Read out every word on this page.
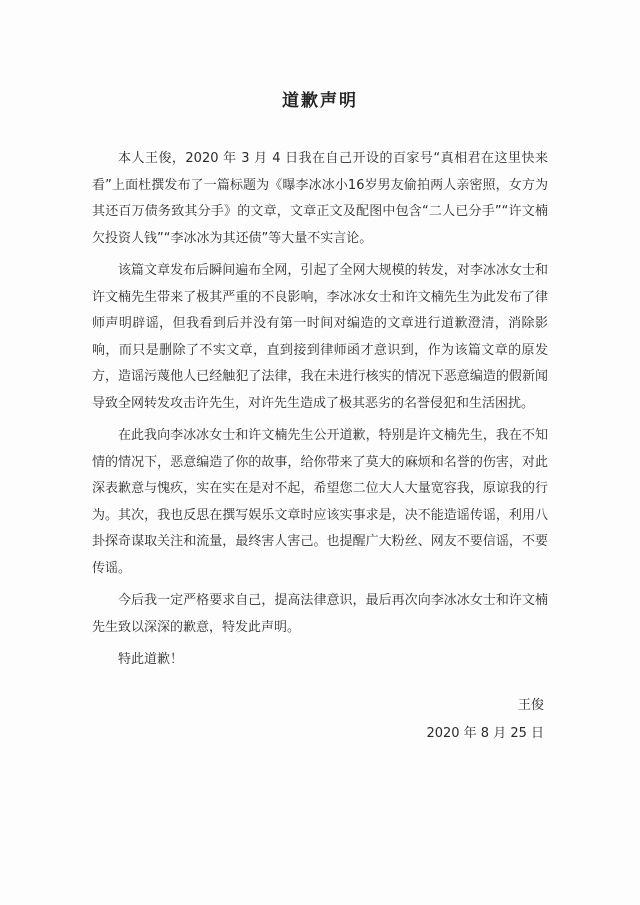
道歉声明

本人王俊，2020 年 3 月 4 日我在自己开设的百家号“真相君在这里快来看”上面杜撰发布了一篇标题为《曝李冰冰小16岁男友偷拍两人亲密照，女方为其还百万债务致其分手》的文章，文章正文及配图中包含“二人已分手”“许文楠欠投资人钱”“李冰冰为其还债”等大量不实言论。

该篇文章发布后瞬间遍布全网，引起了全网大规模的转发，对李冰冰女士和许文楠先生带来了极其严重的不良影响，李冰冰女士和许文楠先生为此发布了律师声明辟谣，但我看到后并没有第一时间对编造的文章进行道歉澄清，消除影响，而只是删除了不实文章，直到接到律师函才意识到，作为该篇文章的原发方，造谣污蔑他人已经触犯了法律，我在未进行核实的情况下恶意编造的假新闻导致全网转发攻击许先生，对许先生造成了极其恶劣的名誉侵犯和生活困扰。

在此我向李冰冰女士和许文楠先生公开道歉，特别是许文楠先生，我在不知情的情况下，恶意编造了你的故事，给你带来了莫大的麻烦和名誉的伤害，对此深表歉意与愧疚，实在实在是对不起，希望您二位大人大量宽容我，原谅我的行为。其次，我也反思在撰写娱乐文章时应该实事求是，决不能造谣传谣，利用八卦探奇谋取关注和流量，最终害人害己。也提醒广大粉丝、网友不要信谣，不要传谣。

今后我一定严格要求自己，提高法律意识，最后再次向李冰冰女士和许文楠先生致以深深的歉意，特发此声明。

特此道歉！

王俊
2020 年 8 月 25 日
